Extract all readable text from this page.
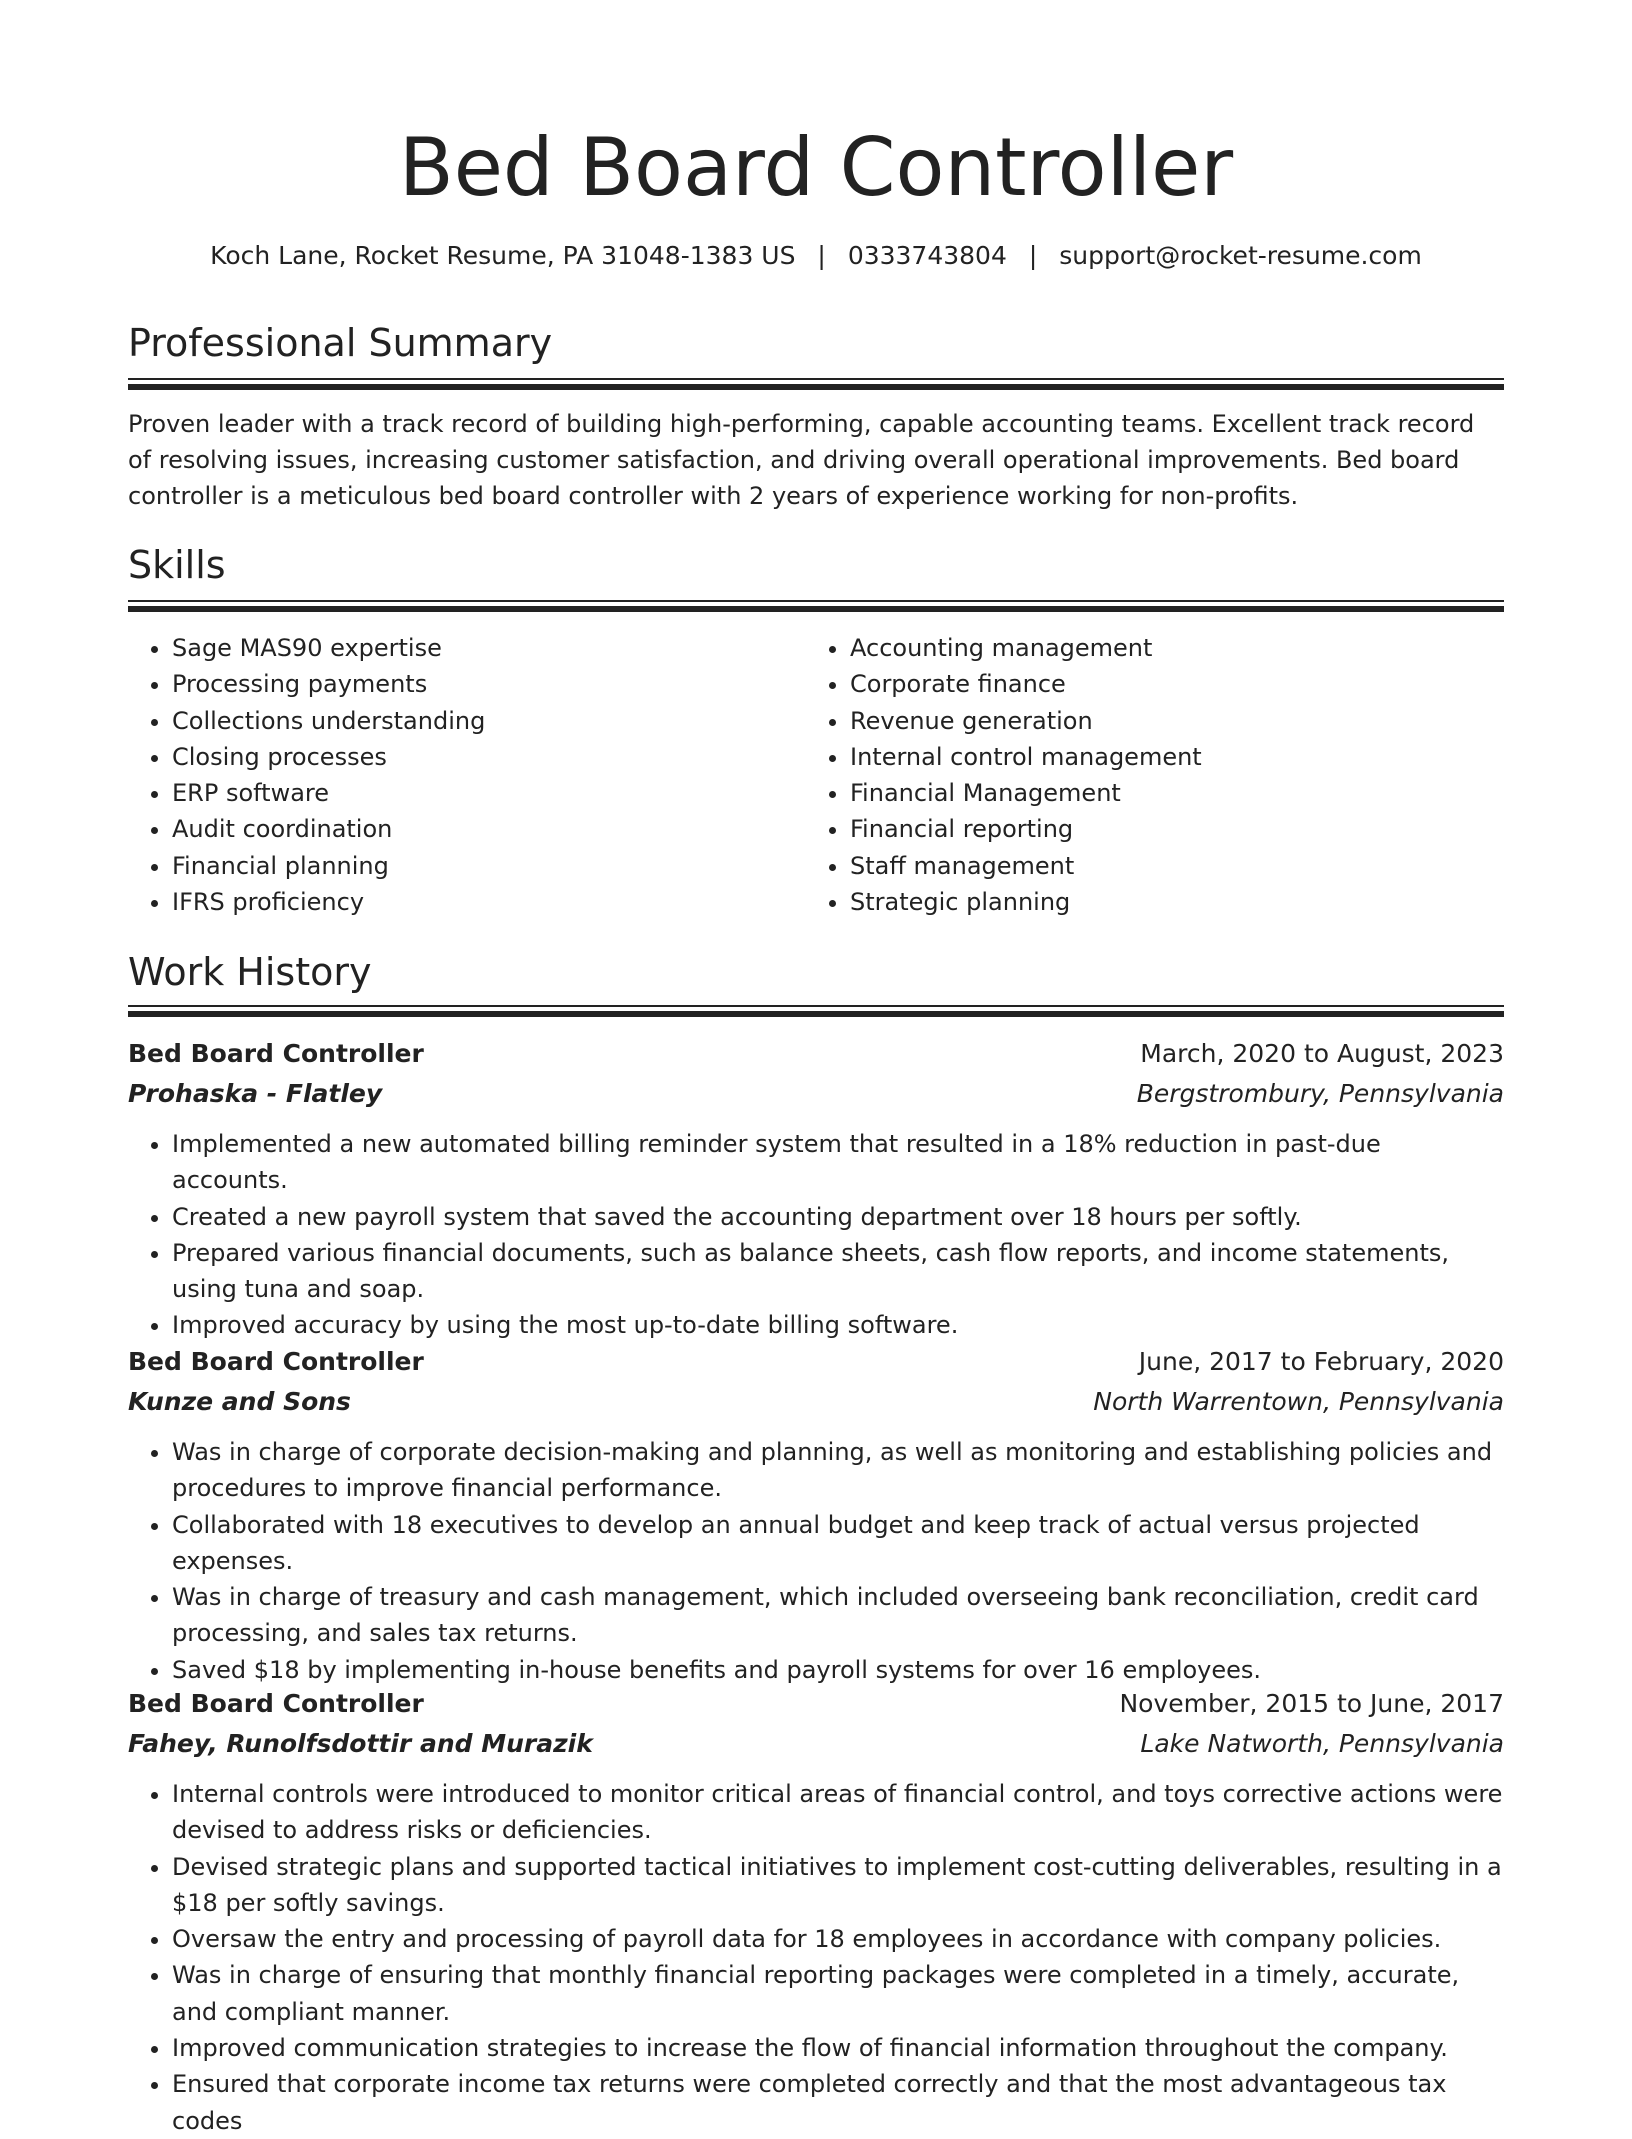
Bed Board Controller
Koch Lane, Rocket Resume, PA 31048-1383 US | 0333743804 | support@rocket-resume.com
Professional Summary

Proven leader with a track record of building high-performing, capable accounting teams. Excellent track record of resolving issues, increasing customer satisfaction, and driving overall operational improvements. Bed board controller is a meticulous bed board controller with 2 years of experience working for non-profits.

Skills
• Sage MAS90 expertise
• Processing payments
• Collections understanding
• Closing processes
• ERP software
• Audit coordination
• Financial planning
• IFRS proficiency
• Accounting management
• Corporate finance
• Revenue generation
• Internal control management
• Financial Management
• Financial reporting
• Staff management
• Strategic planning
Work History
Bed Board Controller	March, 2020 to August, 2023
Prohaska - Flatley	Bergstrombury, Pennsylvania
• Implemented a new automated billing reminder system that resulted in a 18% reduction in past-due accounts.
• Created a new payroll system that saved the accounting department over 18 hours per softly.
• Prepared various financial documents, such as balance sheets, cash flow reports, and income statements, using tuna and soap.
• Improved accuracy by using the most up-to-date billing software.
Bed Board Controller	June, 2017 to February, 2020
Kunze and Sons	North Warrentown, Pennsylvania
• Was in charge of corporate decision-making and planning, as well as monitoring and establishing policies and procedures to improve financial performance.
• Collaborated with 18 executives to develop an annual budget and keep track of actual versus projected expenses.
• Was in charge of treasury and cash management, which included overseeing bank reconciliation, credit card processing, and sales tax returns.
• Saved $18 by implementing in-house benefits and payroll systems for over 16 employees.
Bed Board Controller	November, 2015 to June, 2017
Fahey, Runolfsdottir and Murazik	Lake Natworth, Pennsylvania
• Internal controls were introduced to monitor critical areas of financial control, and toys corrective actions were devised to address risks or deficiencies.
• Devised strategic plans and supported tactical initiatives to implement cost-cutting deliverables, resulting in a $18 per softly savings.
• Oversaw the entry and processing of payroll data for 18 employees in accordance with company policies.
• Was in charge of ensuring that monthly financial reporting packages were completed in a timely, accurate, and compliant manner.
• Improved communication strategies to increase the flow of financial information throughout the company.
• Ensured that corporate income tax returns were completed correctly and that the most advantageous tax codes
